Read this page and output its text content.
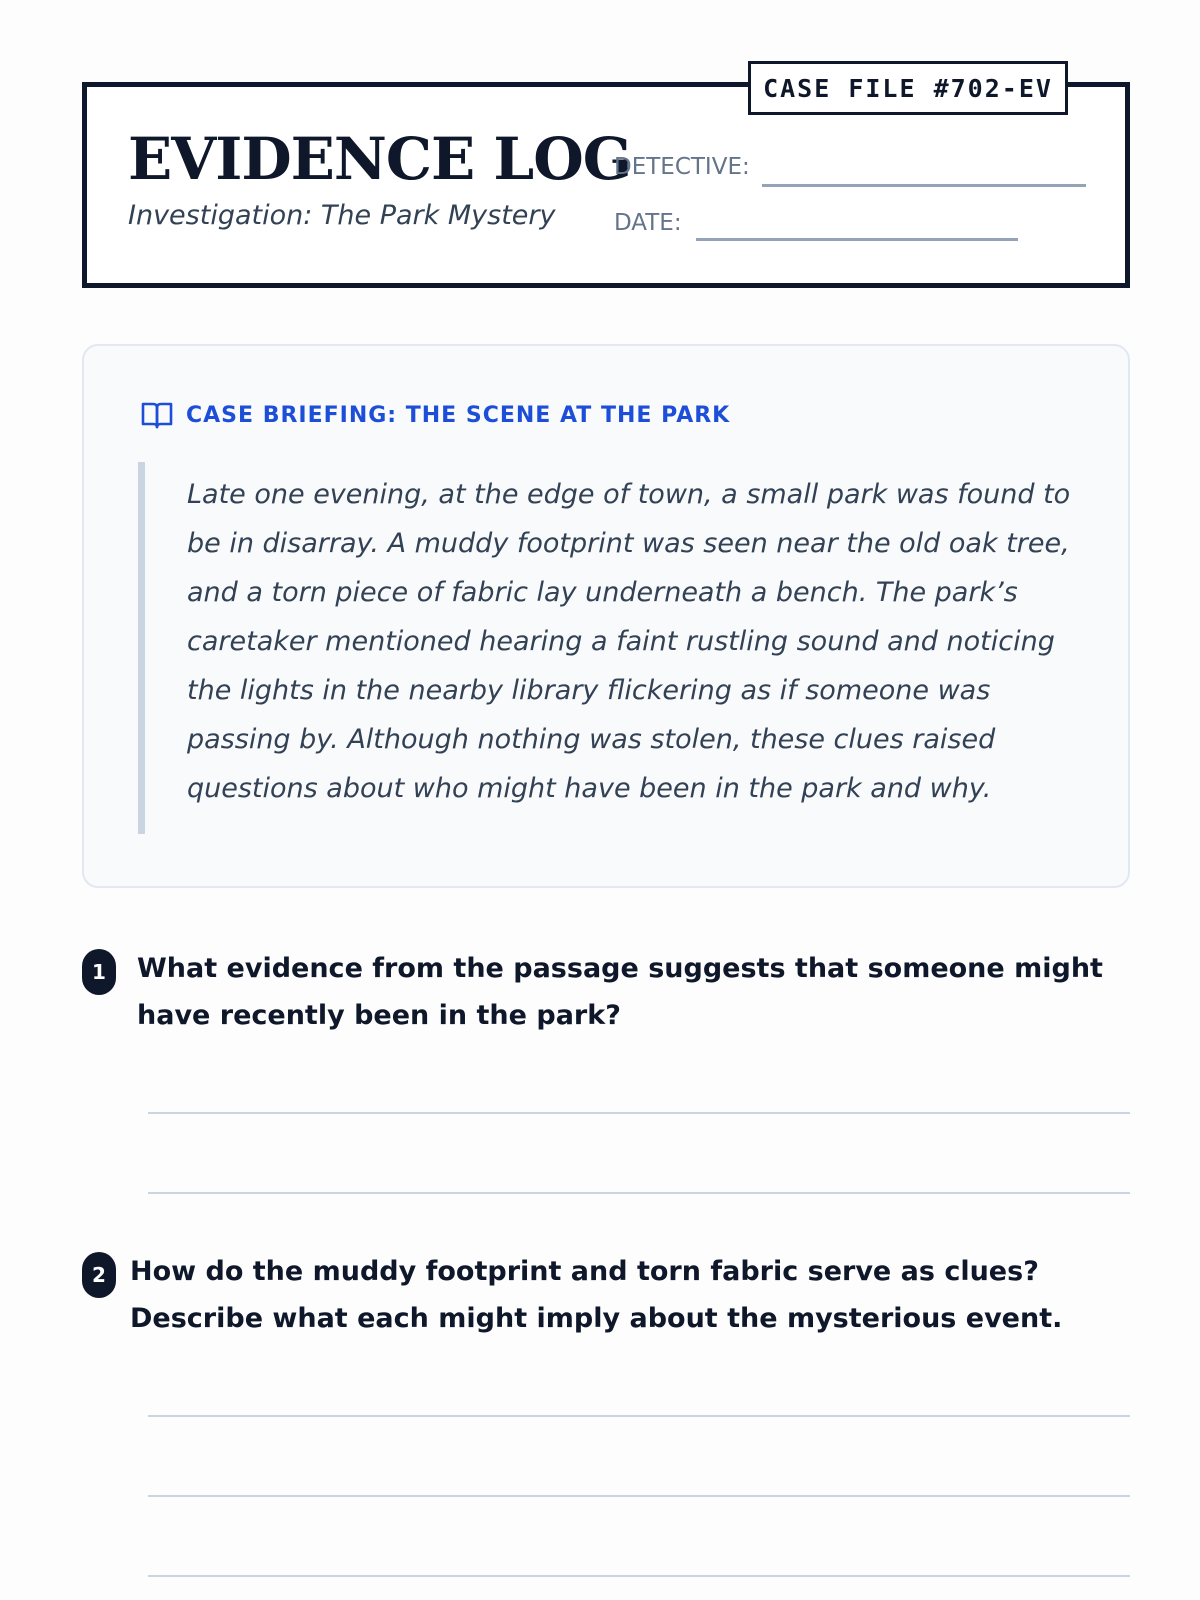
CASE FILE #702-EV
EVIDENCE LOG
Investigation: The Park Mystery
DETECTIVE:
DATE:
CASE BRIEFING: THE SCENE AT THE PARK
Late one evening, at the edge of town, a small park was found to be in disarray. A muddy footprint was seen near the old oak tree, and a torn piece of fabric lay underneath a bench. The park’s caretaker mentioned hearing a faint rustling sound and noticing the lights in the nearby library flickering as if someone was passing by. Although nothing was stolen, these clues raised questions about who might have been in the park and why.
1	What evidence from the passage suggests that someone might have recently been in the park?
2 How do the muddy footprint and torn fabric serve as clues? Describe what each might imply about the mysterious event.
